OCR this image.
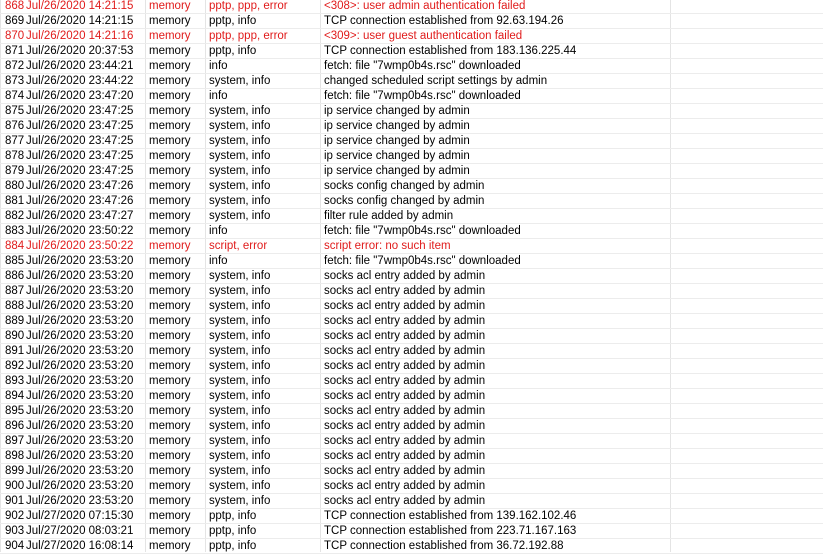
868 Jul/26/2020 14:21:15	memory	pptp, ppp, error	<308>: user admin authentication failed
869 Jul/26/2020 14:21:15	memory	pptp, info	TCP connection established from 92.63.194.26
870 Jul/26/2020 14:21:16	memory	pptp, ppp, error	<309>: user guest authentication failed
871 Jul/26/2020 20:37:53	memory	pptp, info	TCP connection established from 183.136.225.44
872 Jul/26/2020 23:44:21	memory	info	fetch: file "7wmp0b4s.rsc" downloaded
873 Jul/26/2020 23:44:22	memory	system, info	changed scheduled script settings by admin
874 Jul/26/2020 23:47:20	memory	info	fetch: file "7wmp0b4s.rsc" downloaded
875 Jul/26/2020 23:47:25	memory	system, info	ip service changed by admin
876 Jul/26/2020 23:47:25	memory	system, info	ip service changed by admin
877 Jul/26/2020 23:47:25	memory	system, info	ip service changed by admin
878 Jul/26/2020 23:47:25	memory	system, info	ip service changed by admin
879 Jul/26/2020 23:47:25	memory	system, info	ip service changed by admin
880 Jul/26/2020 23:47:26	memory	system, info	socks config changed by admin
881 Jul/26/2020 23:47:26	memory	system, info	socks config changed by admin
882 Jul/26/2020 23:47:27	memory	system, info	filter rule added by admin
883 Jul/26/2020 23:50:22	memory	info	fetch: file "7wmp0b4s.rsc" downloaded
884 Jul/26/2020 23:50:22	memory	script, error	script error: no such item
885 Jul/26/2020 23:53:20	memory	info	fetch: file "7wmp0b4s.rsc" downloaded
886 Jul/26/2020 23:53:20	memory	system, info	socks acl entry added by admin
887 Jul/26/2020 23:53:20	memory	system, info	socks acl entry added by admin
888 Jul/26/2020 23:53:20	memory	system, info	socks acl entry added by admin
889 Jul/26/2020 23:53:20	memory	system, info	socks acl entry added by admin
890 Jul/26/2020 23:53:20	memory	system, info	socks acl entry added by admin
891 Jul/26/2020 23:53:20	memory	system, info	socks acl entry added by admin
892 Jul/26/2020 23:53:20	memory	system, info	socks acl entry added by admin
893 Jul/26/2020 23:53:20	memory	system, info	socks acl entry added by admin
894 Jul/26/2020 23:53:20	memory	system, info	socks acl entry added by admin
895 Jul/26/2020 23:53:20	memory	system, info	socks acl entry added by admin
896 Jul/26/2020 23:53:20	memory	system, info	socks acl entry added by admin
897 Jul/26/2020 23:53:20	memory	system, info	socks acl entry added by admin
898 Jul/26/2020 23:53:20	memory	system, info	socks acl entry added by admin
899 Jul/26/2020 23:53:20	memory	system, info	socks acl entry added by admin
900 Jul/26/2020 23:53:20	memory	system, info	socks acl entry added by admin
901 Jul/26/2020 23:53:20	memory	system, info	socks acl entry added by admin
902 Jul/27/2020 07:15:30	memory	pptp, info	TCP connection established from 139.162.102.46
903 Jul/27/2020 08:03:21	memory	pptp, info	TCP connection established from 223.71.167.163
904 Jul/27/2020 16:08:14	memory	pptp, info	TCP connection established from 36.72.192.88
